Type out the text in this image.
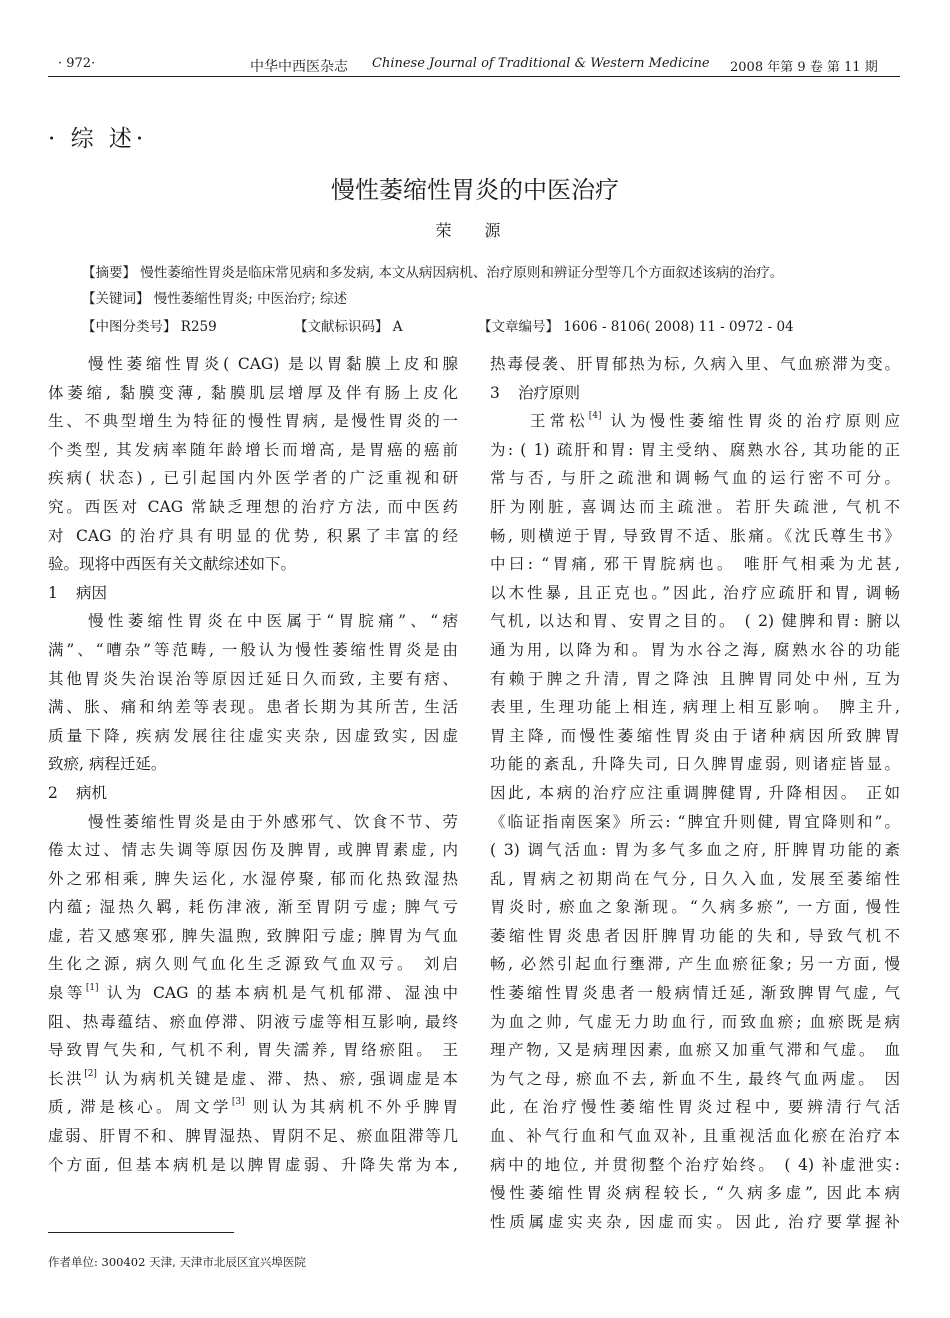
· 972·	中华中西医杂志 Chinese Journal of Traditional & Western Medicine 2008 年第 9 卷 第 11 期
· 综 述·
慢性萎缩性胃炎的中医治疗
荣 源
【摘要】 慢性萎缩性胃炎是临床常见病和多发病, 本文从病因病机、治疗原则和辨证分型等几个方面叙述该病的治疗。
【关键词】 慢性萎缩性胃炎; 中医治疗; 综述
【中图分类号】 R259	【文献标识码】 A	【文章编号】 1606 - 8106( 2008) 11 - 0972 - 04
慢性萎缩性胃炎( CAG) 是以胃黏膜上皮和腺
体萎缩, 黏膜变薄, 黏膜肌层增厚及伴有肠上皮化
生、不典型增生为特征的慢性胃病, 是慢性胃炎的一
个类型, 其发病率随年龄增长而增高, 是胃癌的癌前
疾病( 状态) , 已引起国内外医学者的广泛重视和研
究。西医对 CAG 常缺乏理想的治疗方法, 而中医药
对 CAG 的治疗具有明显的优势, 积累了丰富的经
验。现将中西医有关文献综述如下。
1 病因
慢性萎缩性胃炎在中医属于“胃脘痛”、“痞
满”、“嘈杂”等范畴, 一般认为慢性萎缩性胃炎是由
其他胃炎失治误治等原因迁延日久而致, 主要有痞、
满、胀、痛和纳差等表现。患者长期为其所苦, 生活
质量下降, 疾病发展往往虚实夹杂, 因虚致实, 因虚
致瘀, 病程迁延。
2 病机
慢性萎缩性胃炎是由于外感邪气、饮食不节、劳
倦太过、情志失调等原因伤及脾胃, 或脾胃素虚, 内
外之邪相乘, 脾失运化, 水湿停聚, 郁而化热致湿热
内蕴; 湿热久羁, 耗伤津液, 渐至胃阴亏虚; 脾气亏
虚, 若又感寒邪, 脾失温煦, 致脾阳亏虚; 脾胃为气血
生化之源, 病久则气血化生乏源致气血双亏。 刘启
泉等[1] 认为 CAG 的基本病机是气机郁滞、湿浊中
阻、热毒蕴结、瘀血停滞、阴液亏虚等相互影响, 最终
导致胃气失和, 气机不利, 胃失濡养, 胃络瘀阻。 王
长洪[2] 认为病机关键是虚、滞、热、瘀, 强调虚是本
质, 滞是核心。周文学[3] 则认为其病机不外乎脾胃
虚弱、肝胃不和、脾胃湿热、胃阴不足、瘀血阻滞等几
个方面, 但基本病机是以脾胃虚弱、升降失常为本,
热毒侵袭、肝胃郁热为标, 久病入里、气血瘀滞为变。
3 治疗原则
王常松[4] 认为慢性萎缩性胃炎的治疗原则应
为: ( 1) 疏肝和胃: 胃主受纳、腐熟水谷, 其功能的正
常与否, 与肝之疏泄和调畅气血的运行密不可分。
肝为刚脏, 喜调达而主疏泄。若肝失疏泄, 气机不
畅, 则横逆于胃, 导致胃不适、胀痛。《沈氏尊生书》
中曰: “胃痛, 邪干胃脘病也。 唯肝气相乘为尤甚,
以木性暴, 且正克也。”因此, 治疗应疏肝和胃, 调畅
气机, 以达和胃、安胃之目的。 ( 2) 健脾和胃: 腑以
通为用, 以降为和。胃为水谷之海, 腐熟水谷的功能
有赖于脾之升清, 胃之降浊 且脾胃同处中州, 互为
表里, 生理功能上相连, 病理上相互影响。 脾主升,
胃主降, 而慢性萎缩性胃炎由于诸种病因所致脾胃
功能的紊乱, 升降失司, 日久脾胃虚弱, 则诸症皆显。
因此, 本病的治疗应注重调脾健胃, 升降相因。 正如
《临证指南医案》所云: “脾宜升则健, 胃宜降则和”。
( 3) 调气活血: 胃为多气多血之府, 肝脾胃功能的紊
乱, 胃病之初期尚在气分, 日久入血, 发展至萎缩性
胃炎时, 瘀血之象渐现。“久病多瘀”, 一方面, 慢性
萎缩性胃炎患者因肝脾胃功能的失和, 导致气机不
畅, 必然引起血行壅滞, 产生血瘀征象; 另一方面, 慢
性萎缩性胃炎患者一般病情迁延, 渐致脾胃气虚, 气
为血之帅, 气虚无力助血行, 而致血瘀; 血瘀既是病
理产物, 又是病理因素, 血瘀又加重气滞和气虚。 血
为气之母, 瘀血不去, 新血不生, 最终气血两虚。 因
此, 在治疗慢性萎缩性胃炎过程中, 要辨清行气活
血、补气行血和气血双补, 且重视活血化瘀在治疗本
病中的地位, 并贯彻整个治疗始终。 ( 4) 补虚泄实:
慢性萎缩性胃炎病程较长, “久病多虚”, 因此本病
性质属虚实夹杂, 因虚而实。因此, 治疗要掌握补
作者单位: 300402 天津, 天津市北辰区宜兴埠医院
